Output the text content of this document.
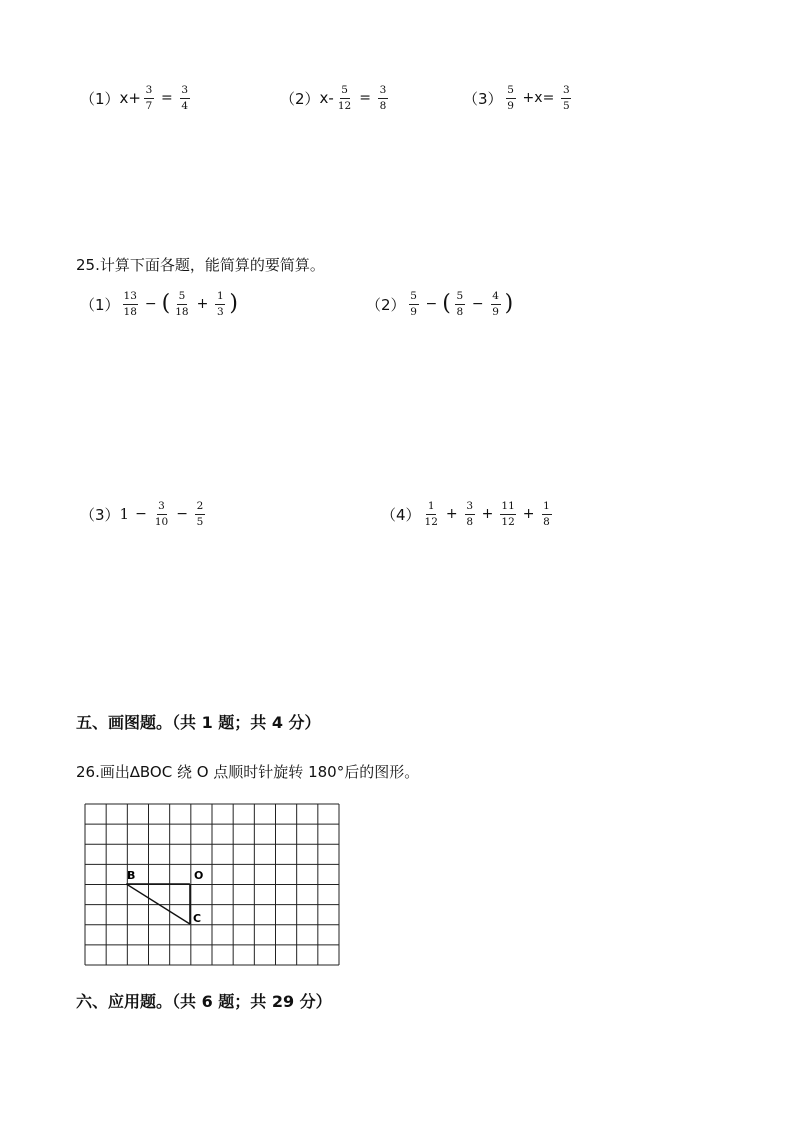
（1） $x+ \frac{3}{7} = \frac{3}{4}$	（2） $x- \frac{5}{12} = \frac{3}{8}$	$(3) \frac{5}{9} +x= \frac{3}{5}$
25.计算下面各题，能简算的要简算。
$(1) \frac{13}{18}$ − ( $\frac{5}{18} + \frac{1}{3}$ )	$(2) \frac{5}{9}$ − ( $\frac{5}{8} - \frac{4}{9}$ )
（3） $1 - \frac{3}{10} - \frac{2}{5}$	$(4) \frac{1}{12} + \frac{3}{8} + \frac{11}{12} + \frac{1}{8}$
五、画图题。（共 1 题；共 4 分）
26.画出∆BOC 绕 O 点顺时针旋转 180°后的图形。
B	O
C
六、应用题。（共 6 题；共 29 分）
